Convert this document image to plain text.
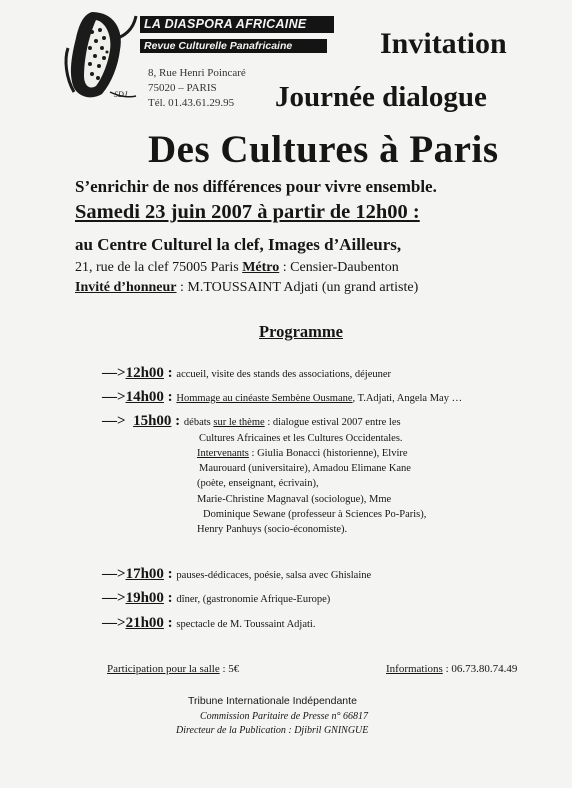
SDJ.
LA DIASPORA AFRICAINE
Revue Culturelle Panafricaine
8, Rue Henri Poincaré
75020 – PARIS
Tél. 01.43.61.29.95
Invitation
Journée dialogue
Des Cultures à Paris
S’enrichir de nos différences pour vivre ensemble.
Samedi 23 juin 2007 à partir de 12h00 :
au Centre Culturel la clef, Images d’Ailleurs,
21, rue de la clef 75005 Paris Métro : Censier-Daubenton
Invité d’honneur : M.TOUSSAINT Adjati (un grand artiste)
Programme
—>12h00 : accueil, visite des stands des associations, déjeuner
—>14h00 : Hommage au cinéaste Sembène Ousmane, T.Adjati, Angela May …
—> 15h00 : débats sur le thème : dialogue estival 2007 entre les
Cultures Africaines et les Cultures Occidentales.
Intervenants : Giulia Bonacci (historienne), Elvire
Maurouard (universitaire), Amadou Elimane Kane
(poète, enseignant, écrivain),
Marie-Christine Magnaval (sociologue), Mme
Dominique Sewane (professeur à Sciences Po-Paris),
Henry Panhuys (socio-économiste).
—>17h00 : pauses-dédicaces, poésie, salsa avec Ghislaine
—>19h00 : dîner, (gastronomie Afrique-Europe)
—>21h00 : spectacle de M. Toussaint Adjati.
Participation pour la salle : 5€	Informations : 06.73.80.74.49
Tribune Internationale Indépendante
Commission Paritaire de Presse n° 66817
Directeur de la Publication : Djibril GNINGUE
